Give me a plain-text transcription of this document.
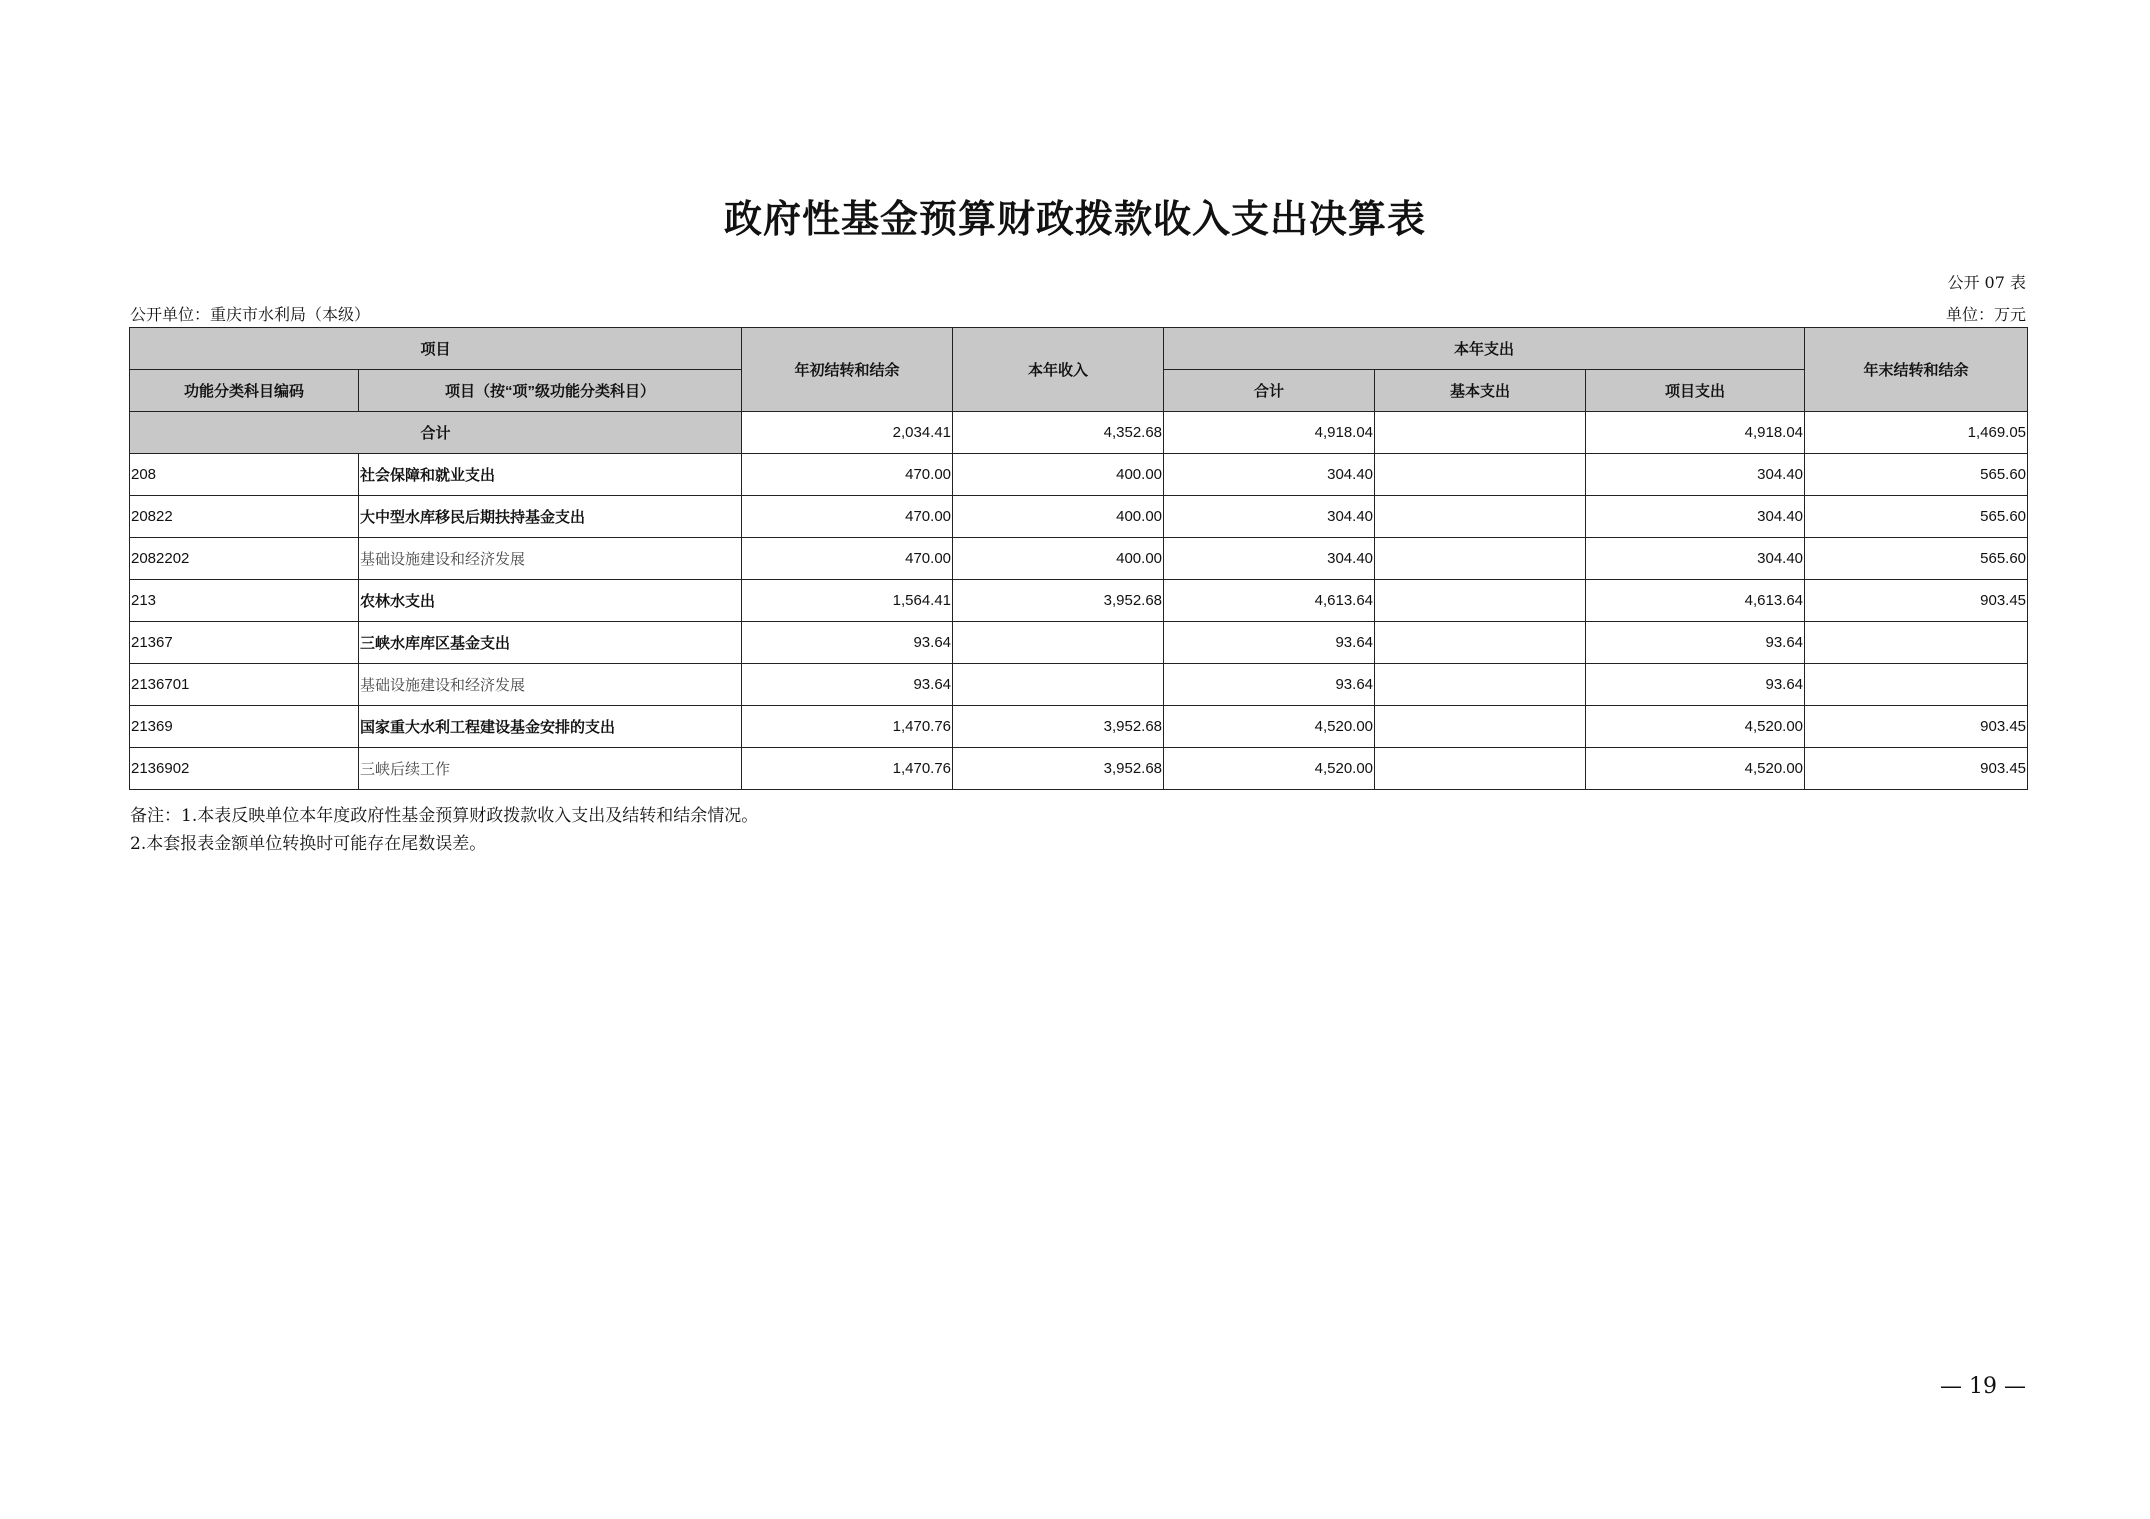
政府性基金预算财政拨款收入支出决算表
公开 07 表
公开单位：重庆市水利局（本级）	单位：万元
项目		年初结转和结余	本年收入	本年支出			年末结转和结余
功能分类科目编码	项目（按“项”级功能分类科目）			合计	基本支出	项目支出	
合计		2,034.41	4,352.68	4,918.04		4,918.04	1,469.05
208	社会保障和就业支出	470.00	400.00	304.40		304.40	565.60
20822	大中型水库移民后期扶持基金支出	470.00	400.00	304.40		304.40	565.60
2082202	基础设施建设和经济发展	470.00	400.00	304.40		304.40	565.60
213	农林水支出	1,564.41	3,952.68	4,613.64		4,613.64	903.45
21367	三峡水库库区基金支出	93.64		93.64		93.64	
2136701	基础设施建设和经济发展	93.64		93.64		93.64	
21369	国家重大水利工程建设基金安排的支出	1,470.76	3,952.68	4,520.00		4,520.00	903.45
2136902	三峡后续工作	1,470.76	3,952.68	4,520.00		4,520.00	903.45
备注：1.本表反映单位本年度政府性基金预算财政拨款收入支出及结转和结余情况。
2.本套报表金额单位转换时可能存在尾数误差。
— 19 —
